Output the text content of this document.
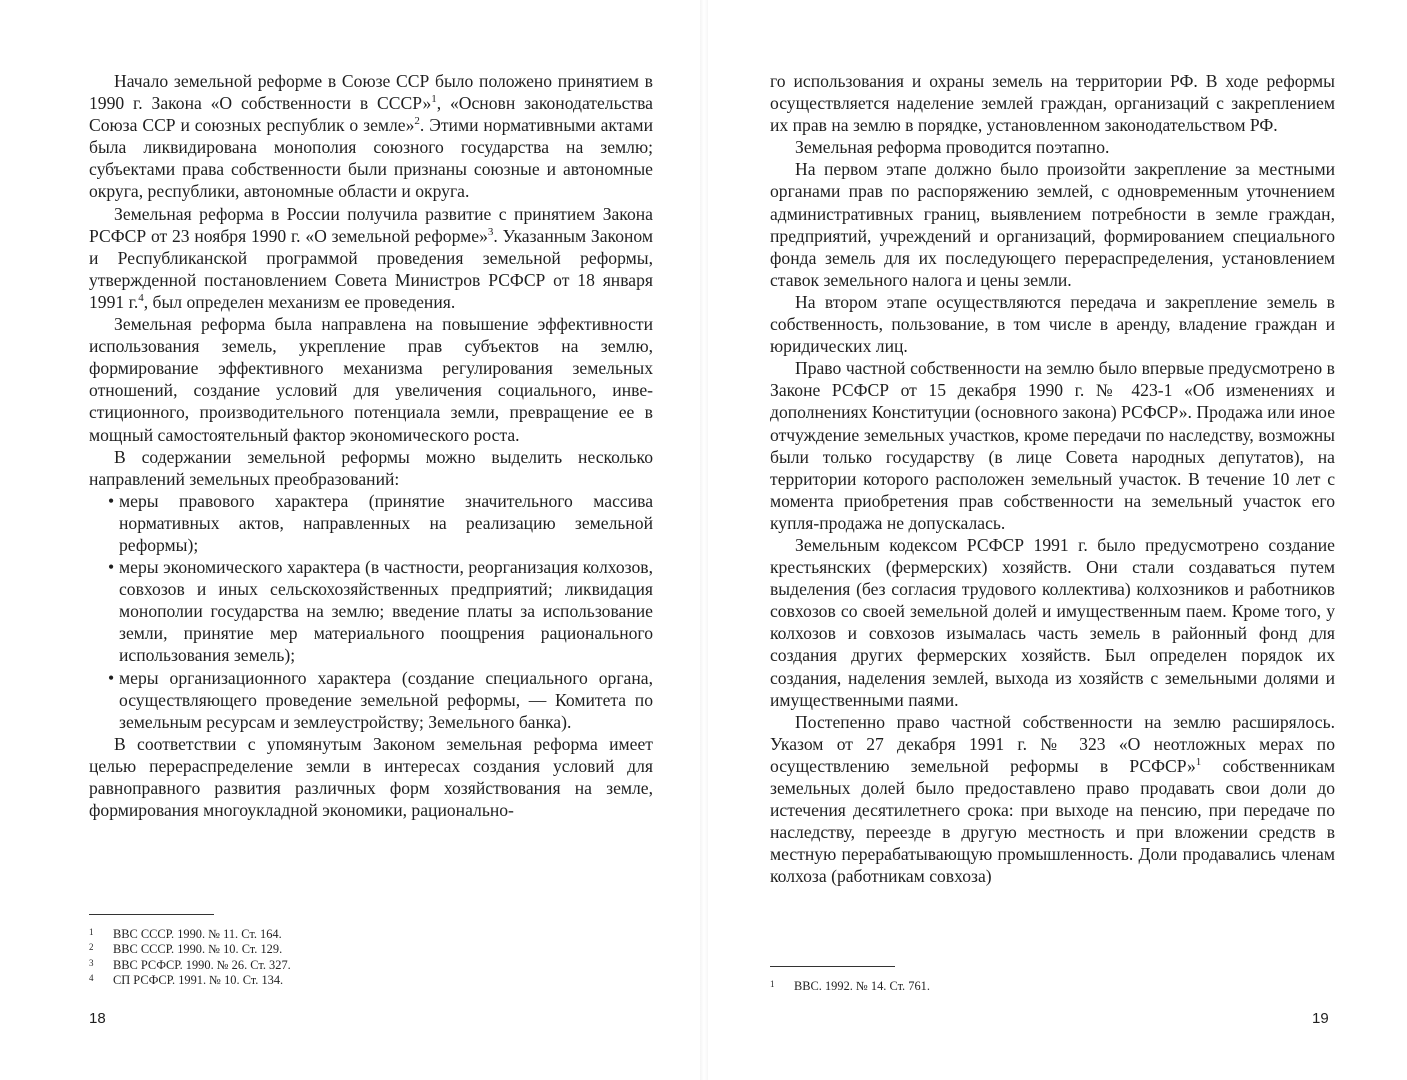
Начало земельной реформе в Союзе ССР было положено принятием в 1990 г. Закона «О собственности в СССР»$^1$, «Основн законодательства Союза ССР и союзных республик о земле»$^2$. Этими нормативными актами была ликвидирована монополия союзного государства на землю; субъектами права собственности были признаны союзные и автономные округа, республики, автономные области и округа.

Земельная реформа в России получила развитие с принятием Закона РСФСР от 23 ноября 1990 г. «О земельной реформе»$^3$. Указанным Законом и Республиканской программой проведения земельной реформы, утвержденной постановлением Совета Министров РСФСР от 18 января 1991 г.$^4$, был определен механизм ее проведения.

Земельная реформа была направлена на повышение эффективности использования земель, укрепление прав субъектов на землю, формирование эффективного механизма регулирования земельных отношений, создание условий для увеличения социального, инвестиционного, производительного потенциала земли, превращение ее в мощный самостоятельный фактор экономического роста.

В содержании земельной реформы можно выделить несколько направлений земельных преобразований:

• меры правового характера (принятие значительного массива нормативных актов, направленных на реализацию земельной реформы);
• меры экономического характера (в частности, реорганизация колхозов, совхозов и иных сельскохозяйственных предприятий; ликвидация монополии государства на землю; введение платы за использование земли, принятие мер материального поощрения рационального использования земель);
• меры организационного характера (создание специального органа, осуществляющего проведение земельной реформы, — Комитета по земельным ресурсам и землеустройству; Земельного банка).

В соответствии с упомянутым Законом земельная реформа имеет целью перераспределение земли в интересах создания условий для равноправного развития различных форм хозяйствования на земле, формирования многоукладной экономики, рационально-

1 ВВС СССР. 1990. № 11. Ст. 164.
2 ВВС СССР. 1990. № 10. Ст. 129.
3 ВВС РСФСР. 1990. № 26. Ст. 327.
4 СП РСФСР. 1991. № 10. Ст. 134.
18

го использования и охраны земель на территории РФ. В ходе реформы осуществляется наделение землей граждан, организаций с закреплением их прав на землю в порядке, установленном законодательством РФ.

Земельная реформа проводится поэтапно.

На первом этапе должно было произойти закрепление за местными органами прав по распоряжению землей, с одновременным уточнением административных границ, выявлением потребности в земле граждан, предприятий, учреждений и организаций, формированием специального фонда земель для их последующего перераспределения, установлением ставок земельного налога и цены земли.

На втором этапе осуществляются передача и закрепление земель в собственность, пользование, в том числе в аренду, владение граждан и юридических лиц.

Право частной собственности на землю было впервые предусмотрено в Законе РСФСР от 15 декабря 1990 г. № 423-1 «Об изменениях и дополнениях Конституции (основного закона) РСФСР». Продажа или иное отчуждение земельных участков, кроме передачи по наследству, возможны были только государству (в лице Совета народных депутатов), на территории которого расположен земельный участок. В течение 10 лет с момента приобретения прав собственности на земельный участок его купля-продажа не допускалась.

Земельным кодексом РСФСР 1991 г. было предусмотрено создание крестьянских (фермерских) хозяйств. Они стали создаваться путем выделения (без согласия трудового коллектива) колхозников и работников совхозов со своей земельной долей и имущественным паем. Кроме того, у колхозов и совхозов изымалась часть земель в районный фонд для создания других фермерских хозяйств. Был определен порядок их создания, наделения землей, выхода из хозяйств с земельными долями и имущественными паями.

Постепенно право частной собственности на землю расширялось. Указом от 27 декабря 1991 г. № 323 «О неотложных мерах по осуществлению земельной реформы в РСФСР»$^1$ собственникам земельных долей было предоставлено право продавать свои доли до истечения десятилетнего срока: при выходе на пенсию, при передаче по наследству, переезде в другую местность и при вложении средств в местную перерабатывающую промышленность. Доли продавались членам колхоза (работникам совхоза)

1 ВВС. 1992. № 14. Ст. 761.
19
